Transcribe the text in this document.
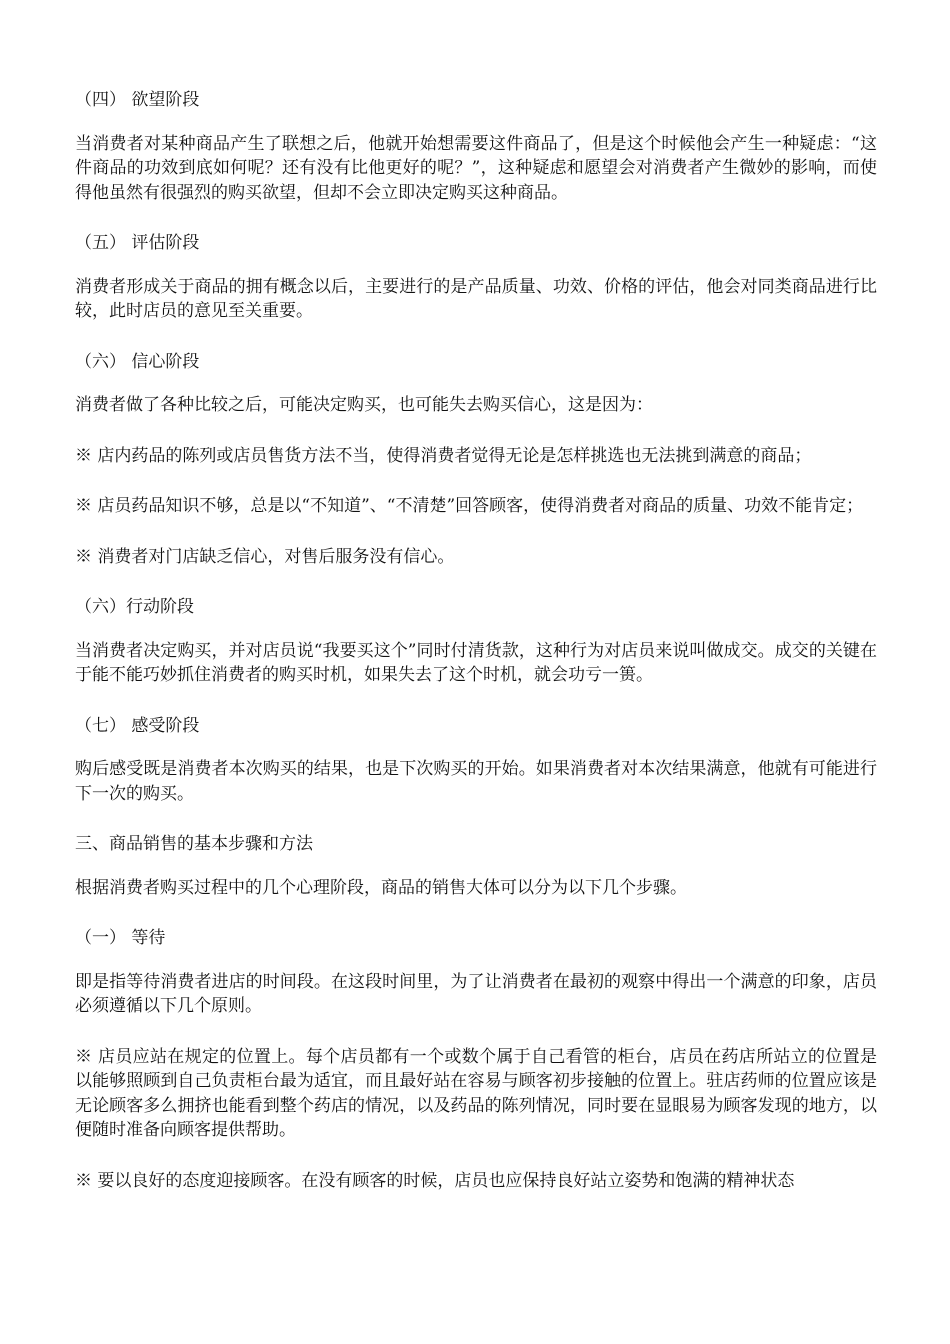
（四） 欲望阶段

当消费者对某种商品产生了联想之后，他就开始想需要这件商品了，但是这个时候他会产生一种疑虑：“这件商品的功效到底如何呢？还有没有比他更好的呢？”，这种疑虑和愿望会对消费者产生微妙的影响，而使得他虽然有很强烈的购买欲望，但却不会立即决定购买这种商品。

（五） 评估阶段

消费者形成关于商品的拥有概念以后，主要进行的是产品质量、功效、价格的评估，他会对同类商品进行比较，此时店员的意见至关重要。

（六） 信心阶段

消费者做了各种比较之后，可能决定购买，也可能失去购买信心，这是因为：

※ 店内药品的陈列或店员售货方法不当，使得消费者觉得无论是怎样挑选也无法挑到满意的商品；

※ 店员药品知识不够，总是以“不知道”、“不清楚”回答顾客，使得消费者对商品的质量、功效不能肯定；

※ 消费者对门店缺乏信心，对售后服务没有信心。

（六）行动阶段

当消费者决定购买，并对店员说“我要买这个”同时付清货款，这种行为对店员来说叫做成交。成交的关键在于能不能巧妙抓住消费者的购买时机，如果失去了这个时机，就会功亏一篑。

（七） 感受阶段

购后感受既是消费者本次购买的结果，也是下次购买的开始。如果消费者对本次结果满意，他就有可能进行下一次的购买。

三、商品销售的基本步骤和方法

根据消费者购买过程中的几个心理阶段，商品的销售大体可以分为以下几个步骤。

（一） 等待

即是指等待消费者进店的时间段。在这段时间里，为了让消费者在最初的观察中得出一个满意的印象，店员必须遵循以下几个原则。

※ 店员应站在规定的位置上。每个店员都有一个或数个属于自己看管的柜台，店员在药店所站立的位置是以能够照顾到自己负责柜台最为适宜，而且最好站在容易与顾客初步接触的位置上。驻店药师的位置应该是无论顾客多么拥挤也能看到整个药店的情况，以及药品的陈列情况，同时要在显眼易为顾客发现的地方，以便随时准备向顾客提供帮助。

※ 要以良好的态度迎接顾客。在没有顾客的时候，店员也应保持良好站立姿势和饱满的精神状态
